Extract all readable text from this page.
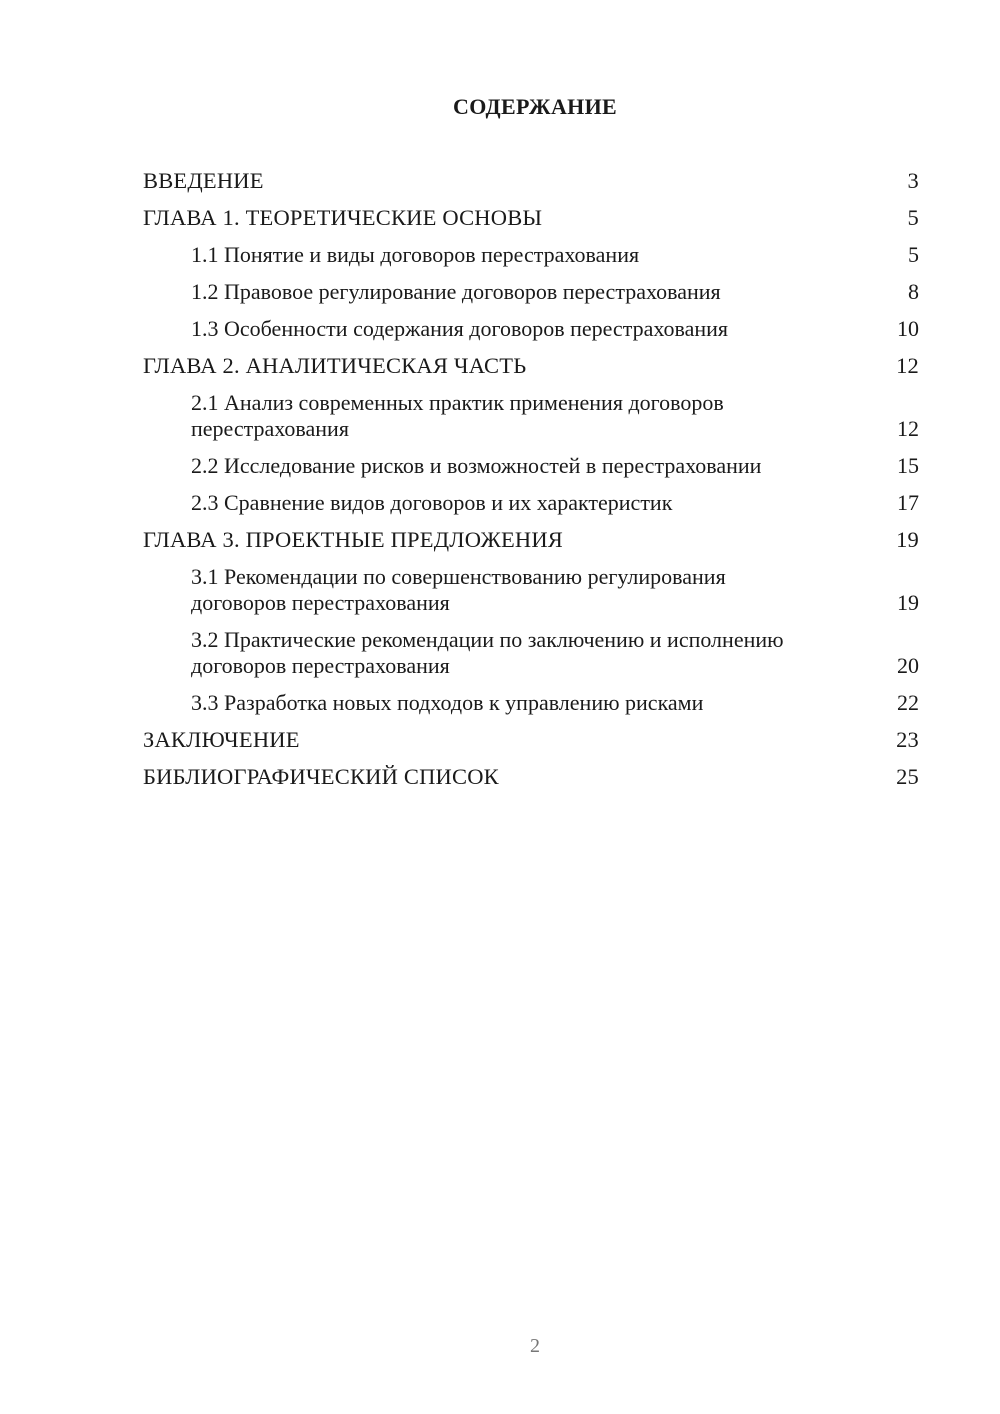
СОДЕРЖАНИЕ
ВВЕДЕНИЕ	3
ГЛАВА 1. ТЕОРЕТИЧЕСКИЕ ОСНОВЫ	5
1.1 Понятие и виды договоров перестрахования	5
1.2 Правовое регулирование договоров перестрахования	8
1.3 Особенности содержания договоров перестрахования	10
ГЛАВА 2. АНАЛИТИЧЕСКАЯ ЧАСТЬ	12
2.1 Анализ современных практик применения договоров перестрахования	12
2.2 Исследование рисков и возможностей в перестраховании	15
2.3 Сравнение видов договоров и их характеристик	17
ГЛАВА 3. ПРОЕКТНЫЕ ПРЕДЛОЖЕНИЯ	19
3.1 Рекомендации по совершенствованию регулирования договоров перестрахования	19
3.2 Практические рекомендации по заключению и исполнению договоров перестрахования	20
3.3 Разработка новых подходов к управлению рисками	22
ЗАКЛЮЧЕНИЕ	23
БИБЛИОГРАФИЧЕСКИЙ СПИСОК	25
2
